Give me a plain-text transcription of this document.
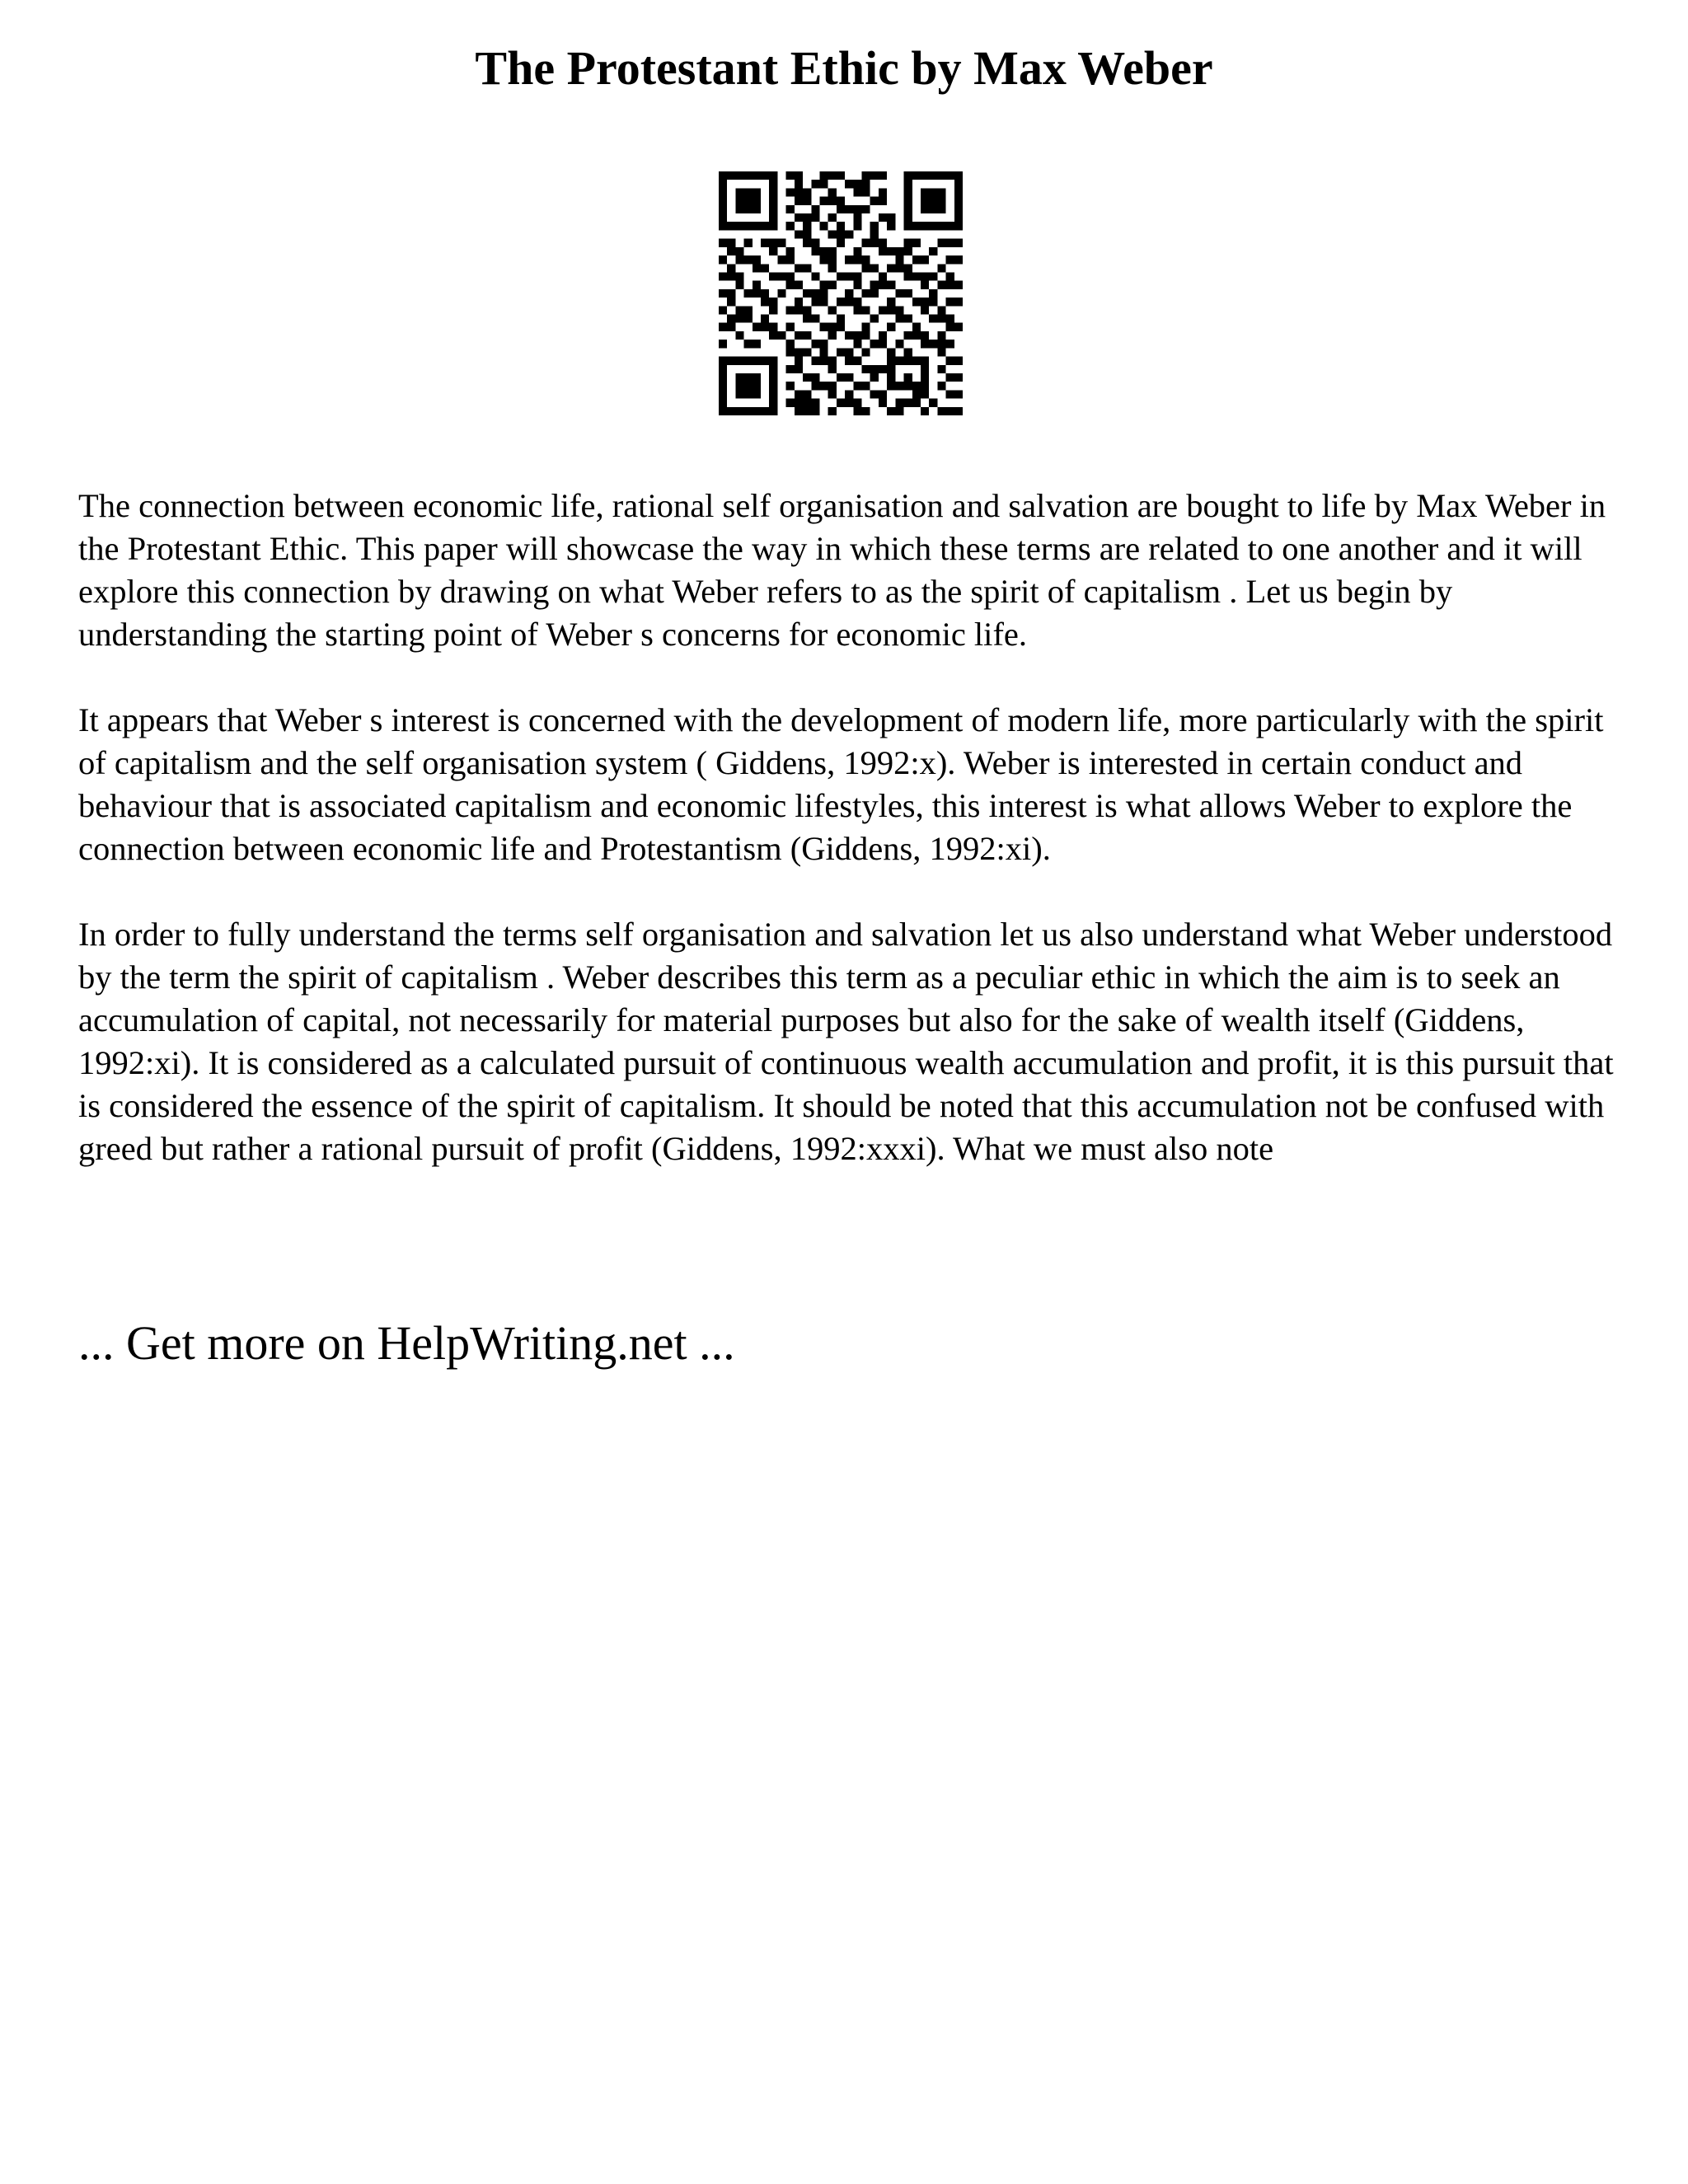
The Protestant Ethic by Max Weber

The connection between economic life, rational self organisation and salvation are bought to life by Max Weber in the Protestant Ethic. This paper will showcase the way in which these terms are related to one another and it will explore this connection by drawing on what Weber refers to as the spirit of capitalism . Let us begin by understanding the starting point of Weber s concerns for economic life.

It appears that Weber s interest is concerned with the development of modern life, more particularly with the spirit of capitalism and the self organisation system ( Giddens, 1992:x). Weber is interested in certain conduct and behaviour that is associated capitalism and economic lifestyles, this interest is what allows Weber to explore the connection between economic life and Protestantism (Giddens, 1992:xi).

In order to fully understand the terms self organisation and salvation let us also understand what Weber understood by the term the spirit of capitalism . Weber describes this term as a peculiar ethic in which the aim is to seek an accumulation of capital, not necessarily for material purposes but also for the sake of wealth itself (Giddens, 1992:xi). It is considered as a calculated pursuit of continuous wealth accumulation and profit, it is this pursuit that is considered the essence of the spirit of capitalism. It should be noted that this accumulation not be confused with greed but rather a rational pursuit of profit (Giddens, 1992:xxxi). What we must also note

... Get more on HelpWriting.net ...
